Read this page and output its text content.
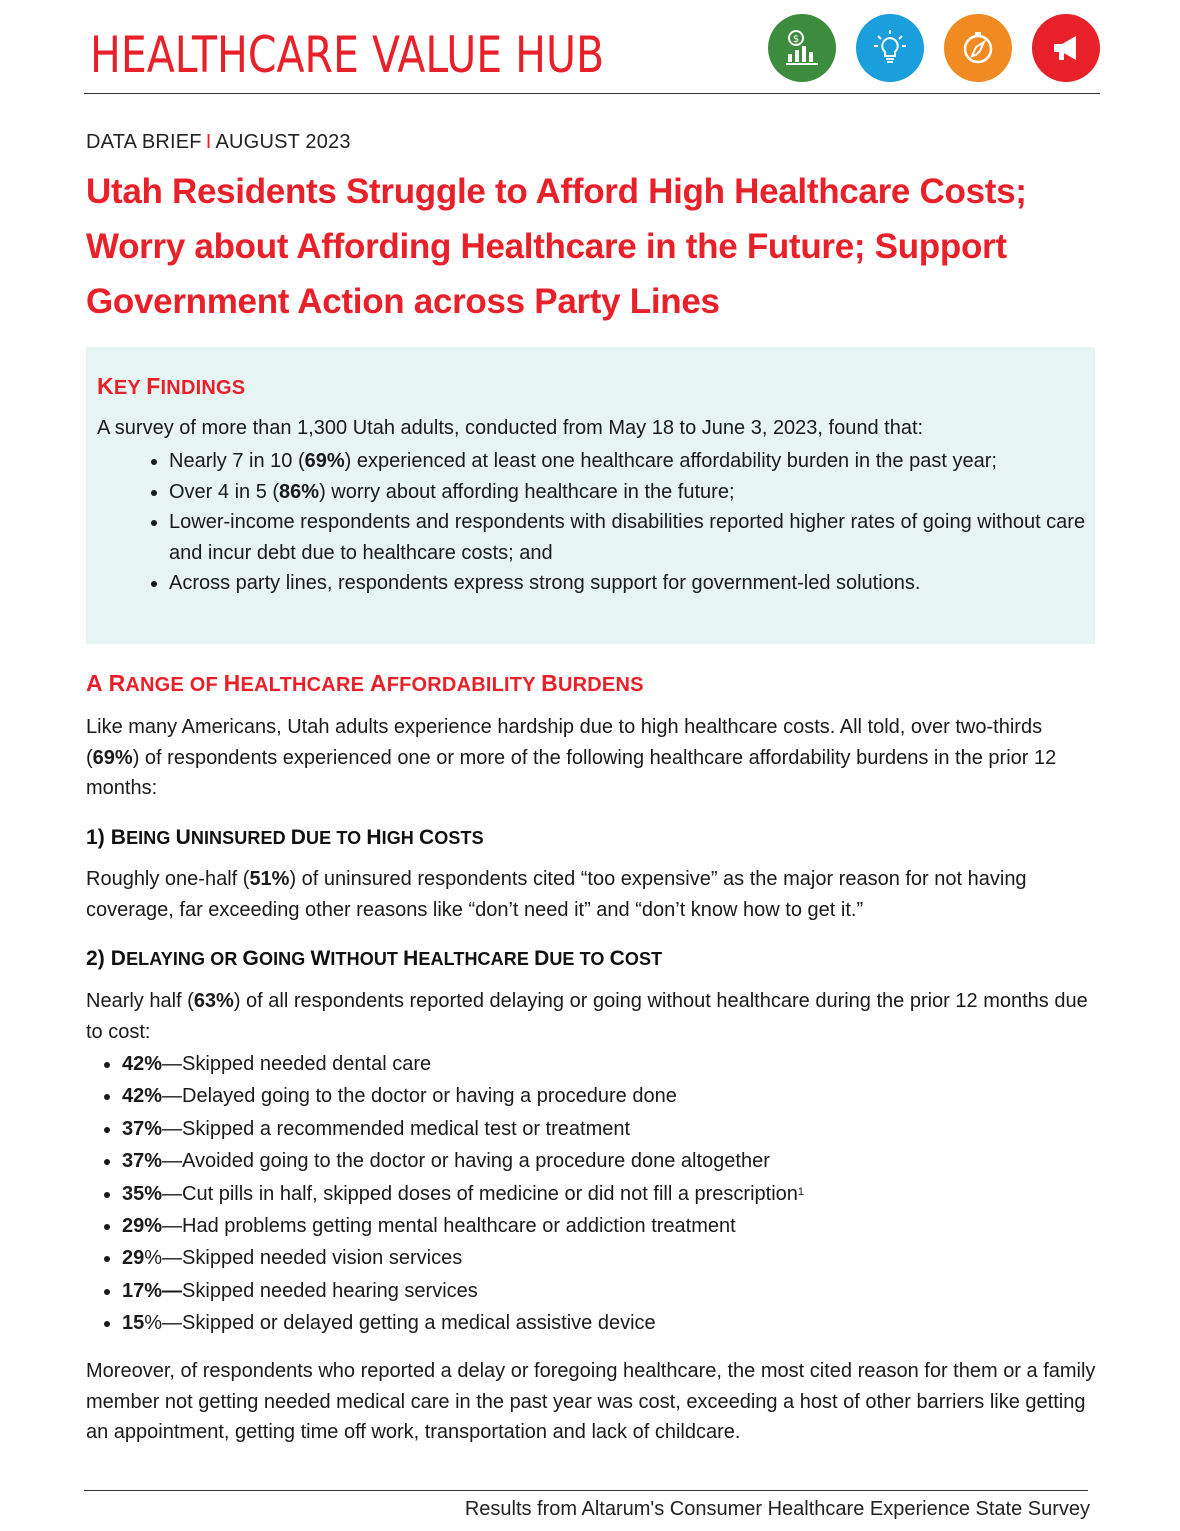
HEALTHCARE VALUE HUB	$
DATA BRIEF I AUGUST 2023
Utah Residents Struggle to Afford High Healthcare Costs; Worry about Affording Healthcare in the Future; Support Government Action across Party Lines
KEY FINDINGS
A survey of more than 1,300 Utah adults, conducted from May 18 to June 3, 2023, found that:
• Nearly 7 in 10 (69%) experienced at least one healthcare affordability burden in the past year;
• Over 4 in 5 (86%) worry about affording healthcare in the future;
• Lower-income respondents and respondents with disabilities reported higher rates of going without care and incur debt due to healthcare costs; and
• Across party lines, respondents express strong support for government-led solutions.
A RANGE OF HEALTHCARE AFFORDABILITY BURDENS
Like many Americans, Utah adults experience hardship due to high healthcare costs. All told, over two-thirds (69%) of respondents experienced one or more of the following healthcare affordability burdens in the prior 12 months:
1) BEING UNINSURED DUE TO HIGH COSTS
Roughly one-half (51%) of uninsured respondents cited “too expensive” as the major reason for not having coverage, far exceeding other reasons like “don’t need it” and “don’t know how to get it.”
2) DELAYING OR GOING WITHOUT HEALTHCARE DUE TO COST
Nearly half (63%) of all respondents reported delaying or going without healthcare during the prior 12 months due to cost:
• 42%—Skipped needed dental care
• 42%—Delayed going to the doctor or having a procedure done
• 37%—Skipped a recommended medical test or treatment
• 37%—Avoided going to the doctor or having a procedure done altogether
• 35%—Cut pills in half, skipped doses of medicine or did not fill a prescription$^1$
• 29%—Had problems getting mental healthcare or addiction treatment
• 29%—Skipped needed vision services
• 17%—Skipped needed hearing services
• 15%—Skipped or delayed getting a medical assistive device
Moreover, of respondents who reported a delay or foregoing healthcare, the most cited reason for them or a family member not getting needed medical care in the past year was cost, exceeding a host of other barriers like getting an appointment, getting time off work, transportation and lack of childcare.
Results from Altarum's Consumer Healthcare Experience State Survey
